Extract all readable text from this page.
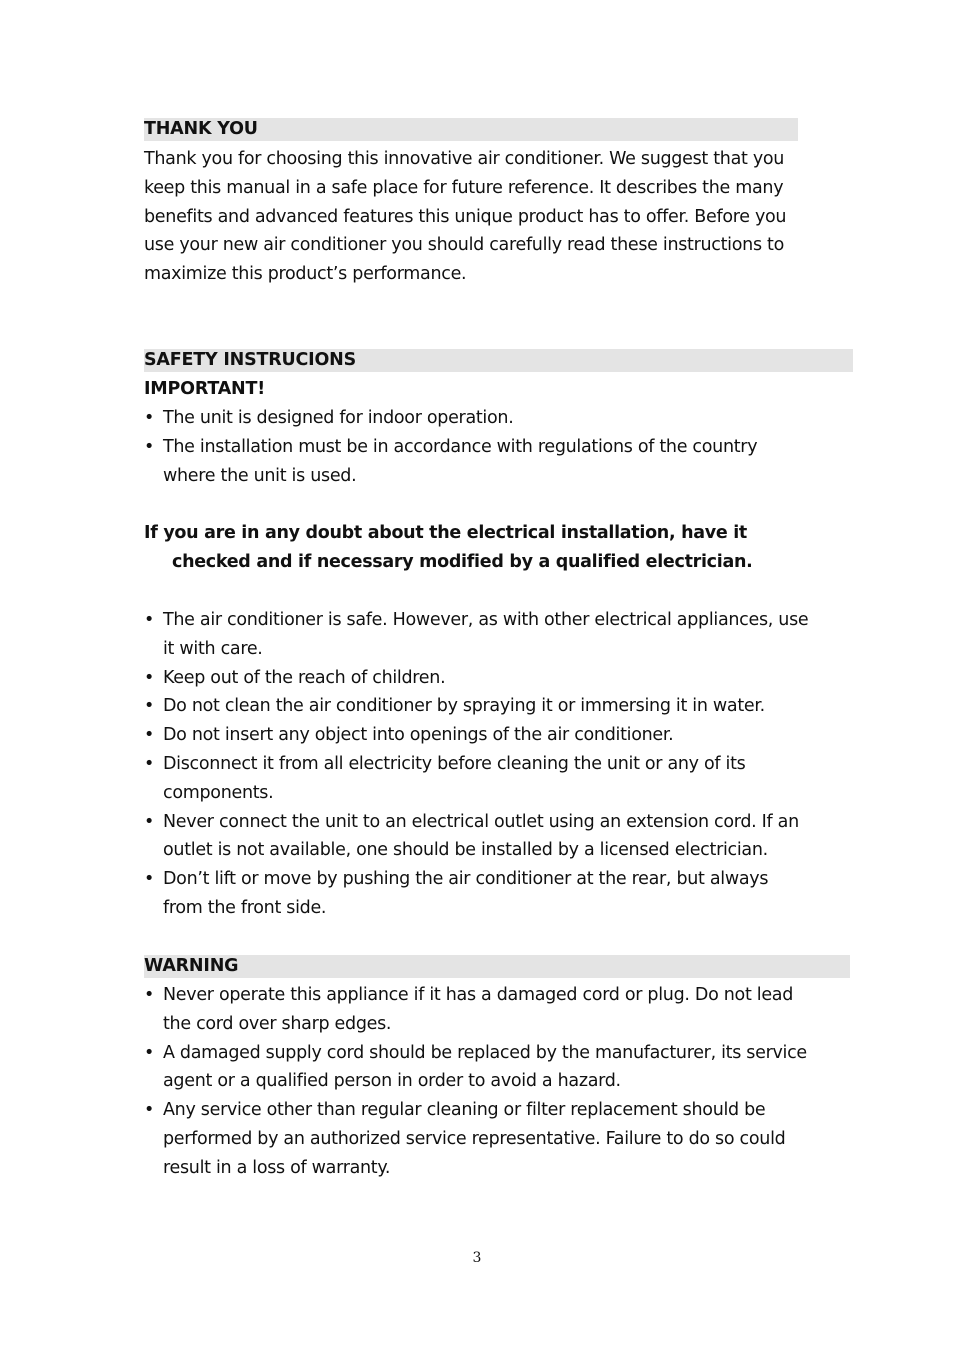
THANK YOU
Thank you for choosing this innovative air conditioner. We suggest that you
keep this manual in a safe place for future reference. It describes the many
benefits and advanced features this unique product has to offer. Before you
use your new air conditioner you should carefully read these instructions to
maximize this product’s performance.
SAFETY INSTRUCIONS
IMPORTANT!
• The unit is designed for indoor operation.
• The installation must be in accordance with regulations of the country
where the unit is used.
If you are in any doubt about the electrical installation, have it
checked and if necessary modified by a qualified electrician.
• The air conditioner is safe. However, as with other electrical appliances, use
it with care.
• Keep out of the reach of children.
• Do not clean the air conditioner by spraying it or immersing it in water.
• Do not insert any object into openings of the air conditioner.
• Disconnect it from all electricity before cleaning the unit or any of its
components.
• Never connect the unit to an electrical outlet using an extension cord. If an
outlet is not available, one should be installed by a licensed electrician.
• Don’t lift or move by pushing the air conditioner at the rear, but always
from the front side.
WARNING
• Never operate this appliance if it has a damaged cord or plug. Do not lead
the cord over sharp edges.
• A damaged supply cord should be replaced by the manufacturer, its service
agent or a qualified person in order to avoid a hazard.
• Any service other than regular cleaning or filter replacement should be
performed by an authorized service representative. Failure to do so could
result in a loss of warranty.
3
